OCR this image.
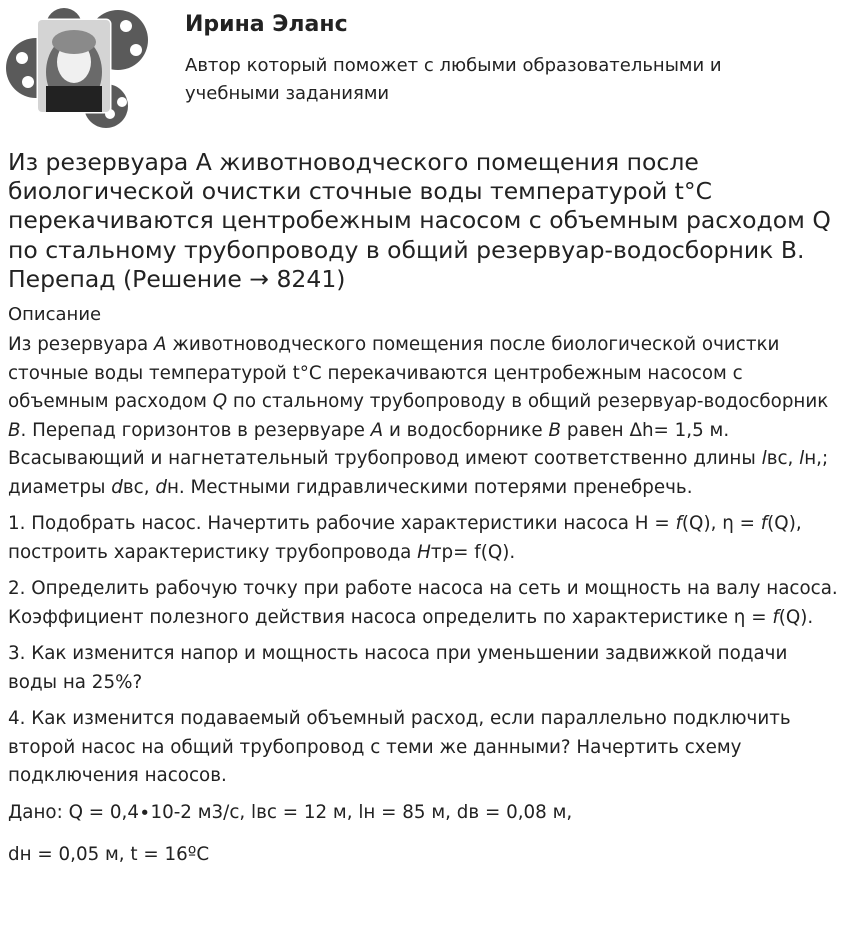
Ирина Эланс
Автор который поможет с любыми образовательными и учебными заданиями
Из резервуара А животноводческого помещения после биологической очистки сточные воды температурой t°С перекачиваются центробежным насосом с объемным расходом Q по стальному трубопроводу в общий резервуар-водосборник В. Перепад (Решение → 8241)
Описание

Из резервуара А животноводческого помещения после биологической очистки сточные воды температурой t°С перекачиваются центробежным насосом с объемным расходом Q по стальному трубопроводу в общий резервуар-водосборник В. Перепад горизонтов в резервуаре А и водосборнике В равен Δh= 1,5 м. Всасывающий и нагнетательный трубопровод имеют соответственно длины lвс, lн,; диаметры dвс, dн. Местными гидравлическими потерями пренебречь.

1. Подобрать насос. Начертить рабочие характеристики насоса Н = f(Q), η = f(Q), построить характеристику трубопровода Нтр= f(Q).

2. Определить рабочую точку при работе насоса на сеть и мощность на валу насоса. Коэффициент полезного действия насоса определить по характеристике η = f(Q).

3. Как изменится напор и мощность насоса при уменьшении задвижкой подачи воды на 25%?

4. Как изменится подаваемый объемный расход, если параллельно подключить второй насос на общий трубопровод с теми же данными? Начертить схему подключения насосов.

Дано: Q = 0,4∙10-2 м3/с, lвс = 12 м, lн = 85 м, dв = 0,08 м,

dн = 0,05 м, t = 16ºС
